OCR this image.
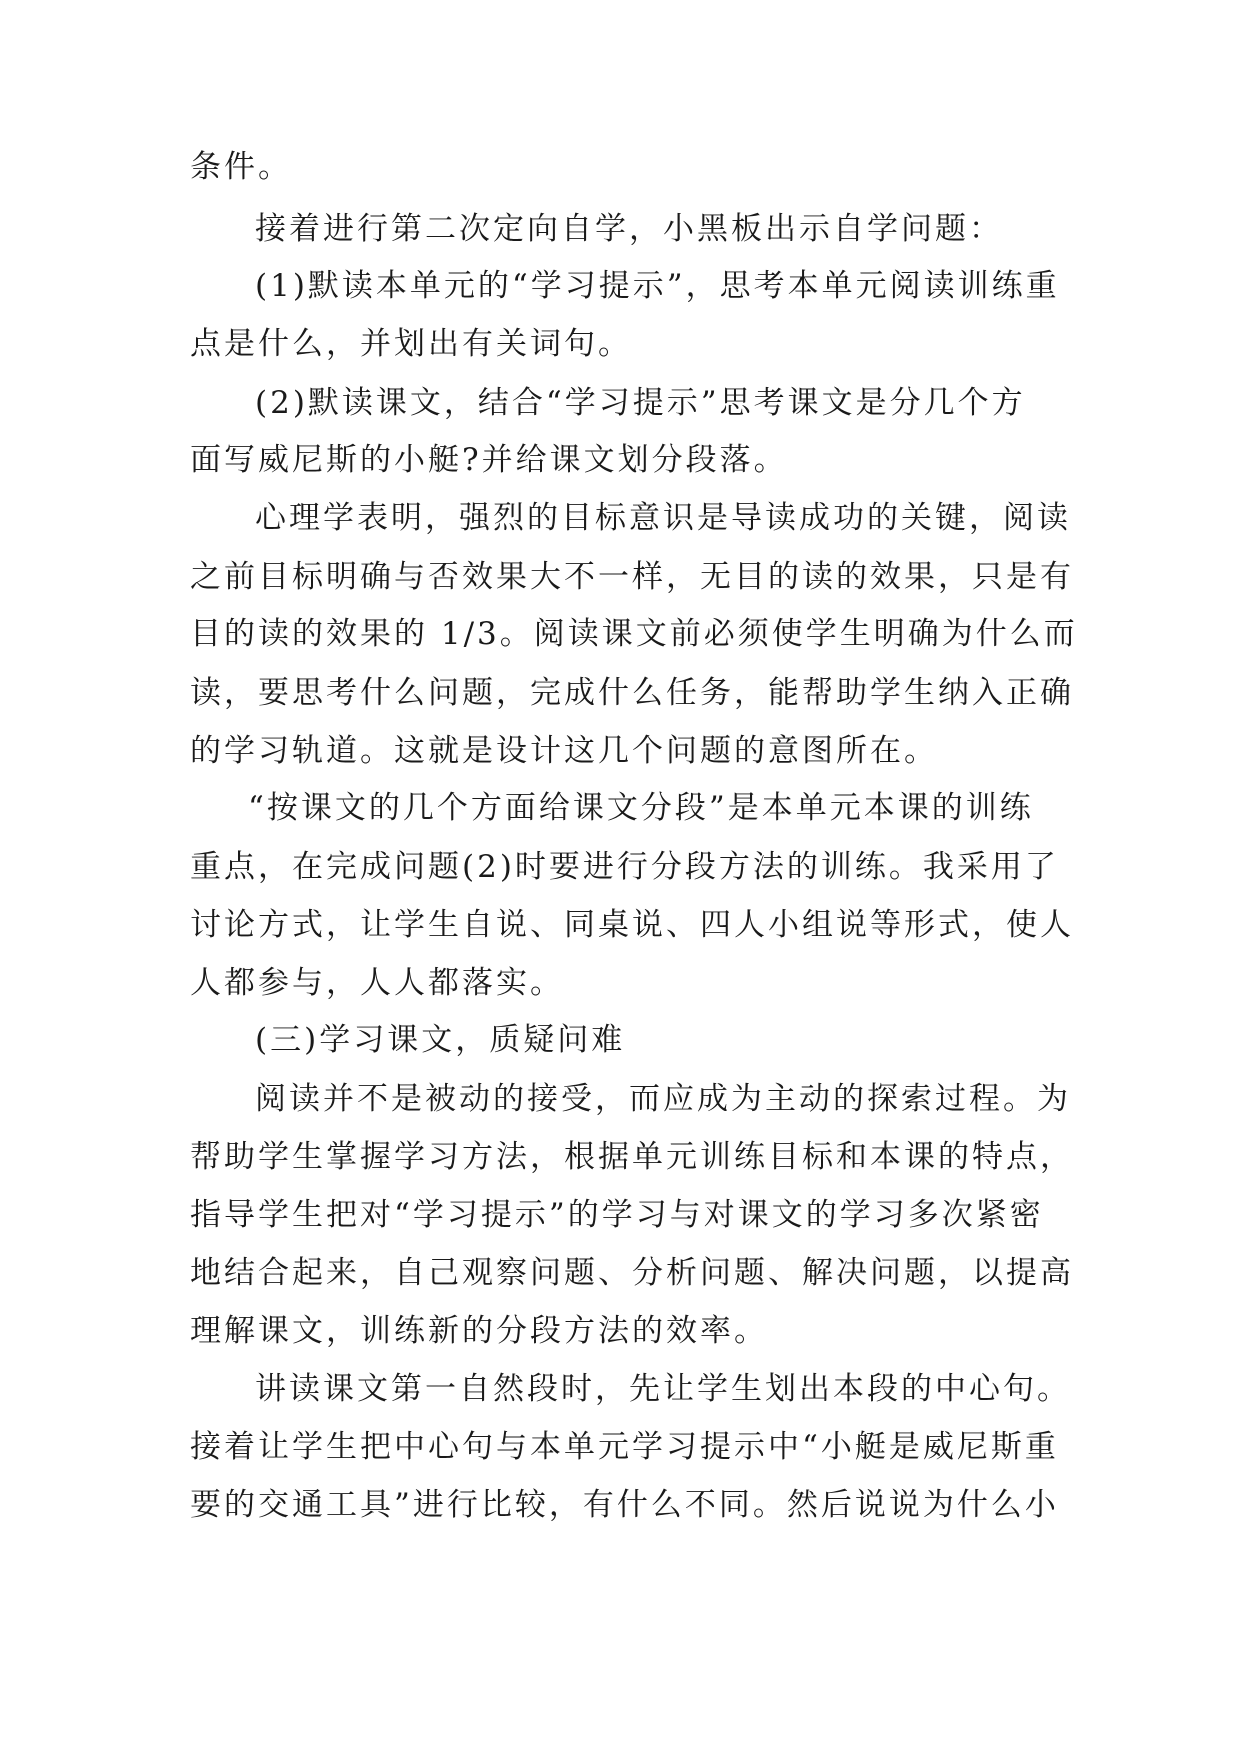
条件。
接着进行第二次定向自学，小黑板出示自学问题：
(1)默读本单元的“学习提示”，思考本单元阅读训练重
点是什么，并划出有关词句。
(2)默读课文，结合“学习提示”思考课文是分几个方
面写威尼斯的小艇?并给课文划分段落。
心理学表明，强烈的目标意识是导读成功的关键，阅读
之前目标明确与否效果大不一样，无目的读的效果，只是有
目的读的效果的 1/3。阅读课文前必须使学生明确为什么而
读，要思考什么问题，完成什么任务，能帮助学生纳入正确
的学习轨道。这就是设计这几个问题的意图所在。
“按课文的几个方面给课文分段”是本单元本课的训练
重点，在完成问题(2)时要进行分段方法的训练。我采用了
讨论方式，让学生自说、同桌说、四人小组说等形式，使人
人都参与，人人都落实。
(三)学习课文，质疑问难
阅读并不是被动的接受，而应成为主动的探索过程。为
帮助学生掌握学习方法，根据单元训练目标和本课的特点，
指导学生把对“学习提示”的学习与对课文的学习多次紧密
地结合起来，自己观察问题、分析问题、解决问题，以提高
理解课文，训练新的分段方法的效率。
讲读课文第一自然段时，先让学生划出本段的中心句。
接着让学生把中心句与本单元学习提示中“小艇是威尼斯重
要的交通工具”进行比较，有什么不同。然后说说为什么小
